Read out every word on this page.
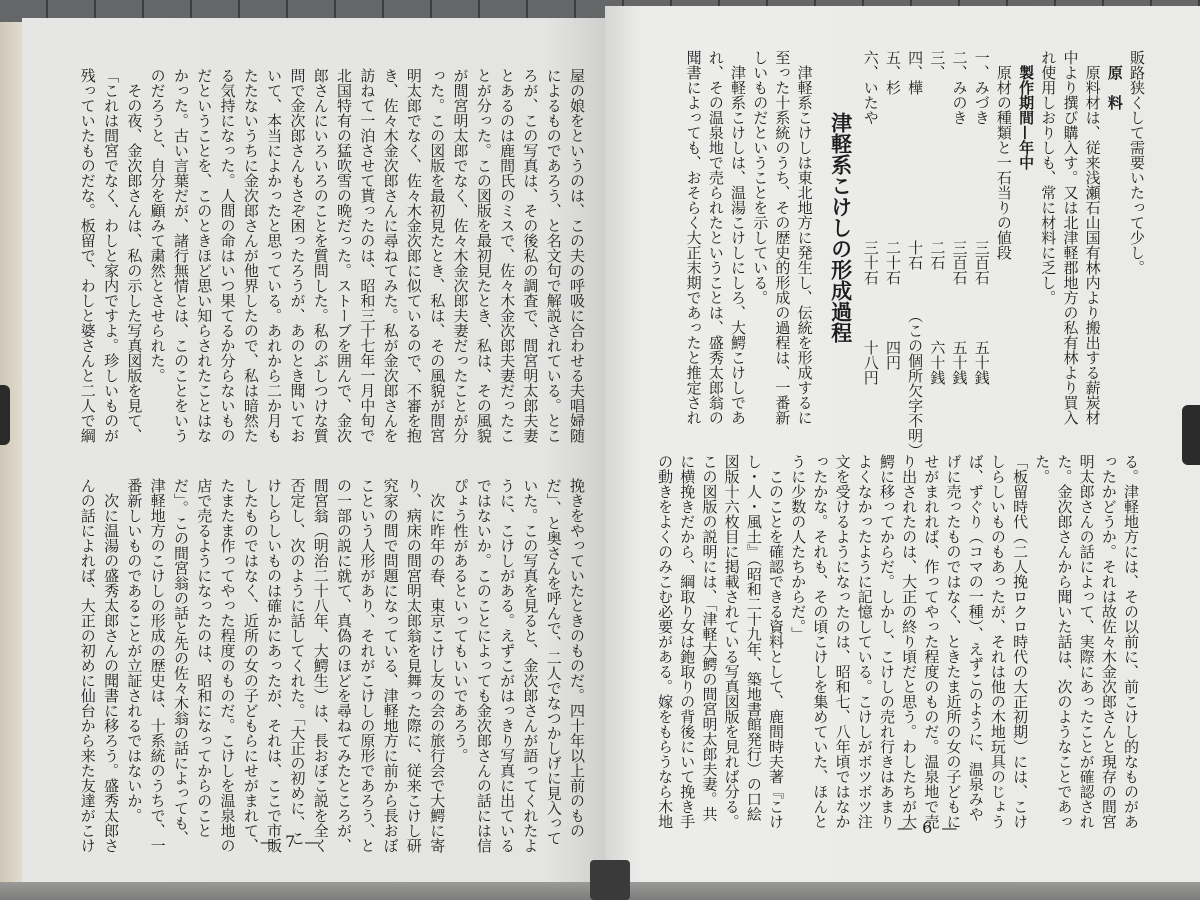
屋の娘をというのは、この夫の呼吸に合わせる夫唱婦随
によるものであろう、と名文句で解説されている。とこ
ろが、この写真は、その後私の調査で、間宮明太郎夫妻
とあるのは鹿間氏のミスで、佐々木金次郎夫妻だったこ
とが分った。この図版を最初見たとき、私は、その風貌
が間宮明太郎でなく、佐々木金次郎夫妻だったことが分
った。この図版を最初見たとき、私は、その風貌が間宮
明太郎でなく、佐々木金次郎に似ているので、不審を抱
き、佐々木金次郎さんに尋ねてみた。私が金次郎さんを
訪ねて一泊させて貰ったのは、昭和三十七年一月中旬で
北国特有の猛吹雪の晩だった。ストーブを囲んで、金次
郎さんにいろいろのことを質問した。私のぶしつけな質
問で金次郎さんもさぞ困ったろうが、あのとき聞いてお
いて、本当によかったと思っている。あれから二か月も
たたないうちに金次郎さんが他界したので、私は暗然た
る気持になった。人間の命はいつ果てるか分らないもの
だということを、このときほど思い知らされたことはな
かった。古い言葉だが、諸行無情とは、このことをいう
のだろうと、自分を顧みて粛然とさせられた。
　その夜、金次郎さんは、私の示した写真図版を見て、
「これは間宮でなく、わしと家内ですよ。珍しいものが
残っていたものだな。板留で、わしと婆さんと二人で綱
挽きをやっていたときのものだ。四十年以上前のもの
だ」、と奥さんを呼んで、二人でなつかしげに見入って
いた。この写真を見ると、金次郎さんが語ってくれたよ
うに、こけしがある。えずこがはっきり写真に出ている
ではないか。このことによっても金次郎さんの話には信
ぴょう性があるといってもいいであろう。
　次に昨年の春、東京こけし友の会の旅行会で大鰐に寄
り、病床の間宮明太郎翁を見舞った際に、従来こけし研
究家の間で問題になっている、津軽地方に前から長おぼ
こという人形があり、それがこけしの原形であろう、と
の一部の説に就て、真偽のほどを尋ねてみたところが、
間宮翁（明治二十八年、大鰐生）は、長おぼこ説を全く
否定し、次のように話してくれた。「大正の初めに、こ
けしらしいものは確かにあったが、それは、ここで市販
したものではなく、近所の女の子どもらにせがまれて、
たまたま作ってやった程度のものだ。こけしを温泉地の
店で売るようになったのは、昭和になってからのこと
だ」。この間宮翁の話と先の佐々木翁の話によっても、
津軽地方のこけしの形成の歴史は、十系統のうちで、一
番新しいものであることが立証されるではないか。
　次に温湯の盛秀太郎さんの聞書に移ろう。盛秀太郎さ
んの話によれば、大正の初めに仙台から来た友達がこけ	— 7 —
販路狭くして需要いたって少し。
　原　料
　原料材は、従来浅瀬石山国有林内より搬出する薪炭材
中より撰び購入す。又は北津軽郡地方の私有林より買入
れ使用しおりしも、常に材料に乏し。
　製作期間—年中
　原材の種類と一石当りの値段
一、みづき
三百石
五十銭
二、みのき
三百石
五十銭
三、
二石
六十銭
四、樺
十石
（この個所欠字不明）
五、杉
二十石
四円
六、いたや
三十石
十八円
津軽系こけしの形成過程
　津軽系こけしは東北地方に発生し、伝統を形成するに
至った十系統のうち、その歴史的形成の過程は、一番新
しいものだということを示している。
　津軽系こけしは、温湯こけしにしろ、大鰐こけしであ
れ、その温泉地で売られたということは、盛秀太郎翁の
聞書によっても、おそらく大正末期であったと推定され
る。津軽地方には、その以前に、前こけし的なものがあ
ったかどうか。それは故佐々木金次郎さんと現存の間宮
明太郎さんの話によって、実際にあったことが確認され
た。金次郎さんから聞いた話は、次のようなことであっ
た。
「板留時代（二人挽ロクロ時代の大正初期）には、こけ
しらしいものもあったが、それは他の木地玩具のじょう
ば、ずぐり（コマの一種）、えずこのように、温泉みや
げに売ったものではなく、ときたま近所の女の子どもに
せがまれれば、作ってやった程度のものだ。温泉地で売
り出されたのは、大正の終り頃だと思う。わしたちが大
鰐に移ってからだ。しかし、こけしの売れ行きはあまり
よくなかったように記憶している。こけしがボツボツ注
文を受けるようになったのは、昭和七、八年頃ではなか
ったかな。それも、その頃こけしを集めていた、ほんと
うに少数の人たちからだ。」
　このことを確認できる資料として、鹿間時夫著『こけ
し・人・風土』（昭和二十九年、築地書館発行）の口絵
図版十六枚目に掲載されている写真図版を見れば分る。
この図版の説明には、「津軽大鰐の間宮明太郎夫妻。共
に横挽きだから、綱取り女は鉋取りの背後にいて挽き手
の動きをよくのみこむ必要がある。嫁をもらうなら木地	— 6 —
